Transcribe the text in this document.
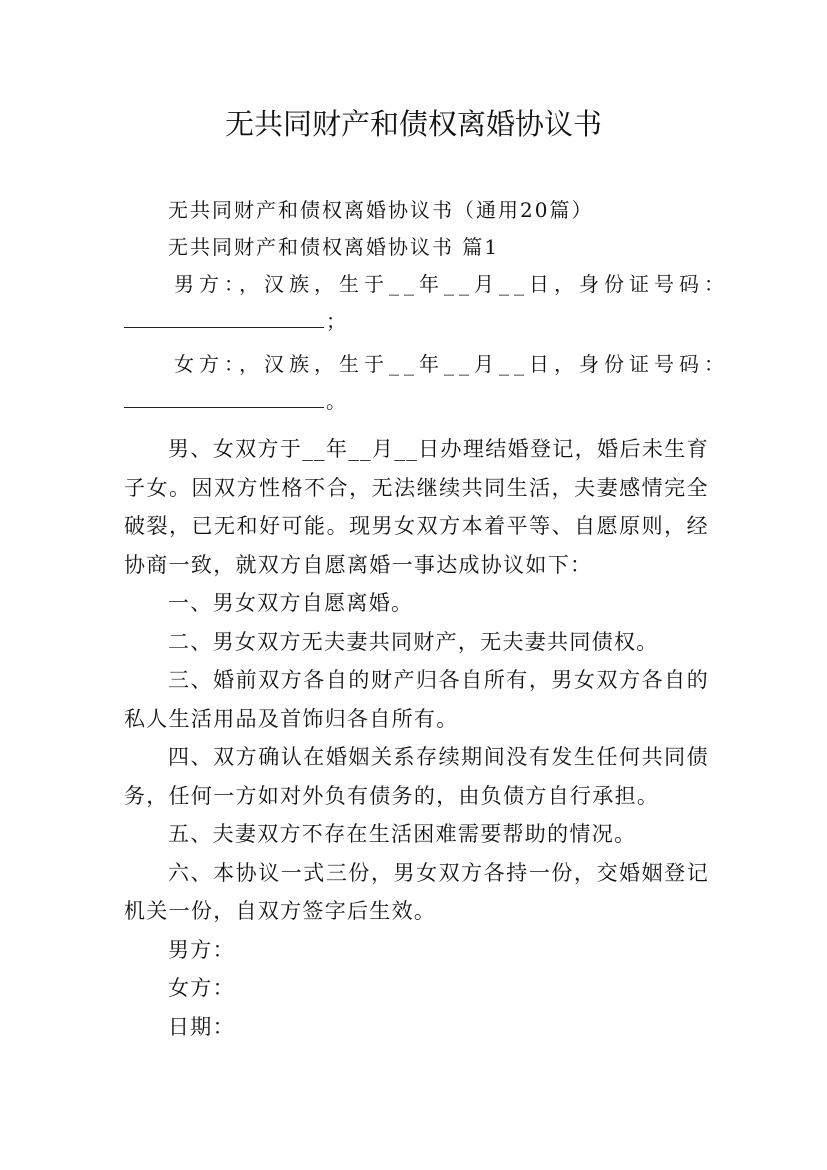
无共同财产和债权离婚协议书
无共同财产和债权离婚协议书（通用20篇）
无共同财产和债权离婚协议书 篇1
男方：，汉族，生于__年__月__日，身份证号码：
；
女方：，汉族，生于__年__月__日，身份证号码：
。
男、女双方于__年__月__日办理结婚登记，婚后未生育子女。因双方性格不合，无法继续共同生活，夫妻感情完全破裂，已无和好可能。现男女双方本着平等、自愿原则，经协商一致，就双方自愿离婚一事达成协议如下：
一、男女双方自愿离婚。
二、男女双方无夫妻共同财产，无夫妻共同债权。
三、婚前双方各自的财产归各自所有，男女双方各自的私人生活用品及首饰归各自所有。
四、双方确认在婚姻关系存续期间没有发生任何共同债务，任何一方如对外负有债务的，由负债方自行承担。
五、夫妻双方不存在生活困难需要帮助的情况。
六、本协议一式三份，男女双方各持一份，交婚姻登记机关一份，自双方签字后生效。
男方：
女方：
日期：
